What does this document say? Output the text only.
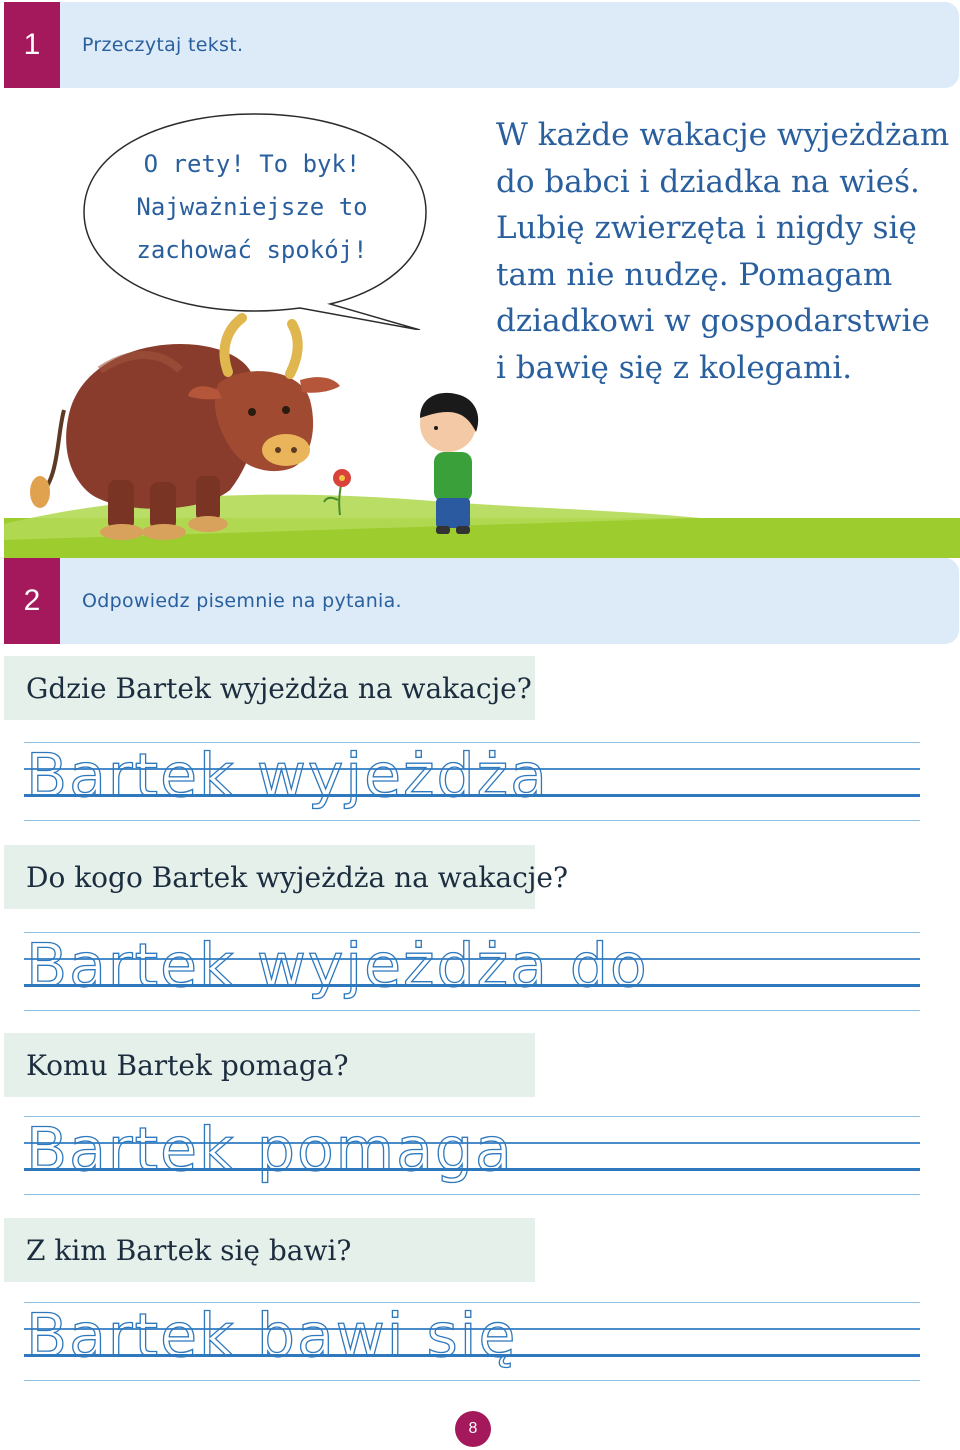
1	Przeczytaj tekst.
O rety! To byk!
Najważniejsze to
zachować spokój!
W każde wakacje wyjeżdżam
do babci i dziadka na wieś.
Lubię zwierzęta i nigdy się
tam nie nudzę. Pomagam
dziadkowi w gospodarstwie
i bawię się z kolegami.
2	Odpowiedz pisemnie na pytania.
Gdzie Bartek wyjeżdża na wakacje?
Bartek wyjeżdża
Do kogo Bartek wyjeżdża na wakacje?
Bartek wyjeżdża do
Komu Bartek pomaga?
Bartek pomaga
Z kim Bartek się bawi?
Bartek bawi się
8
